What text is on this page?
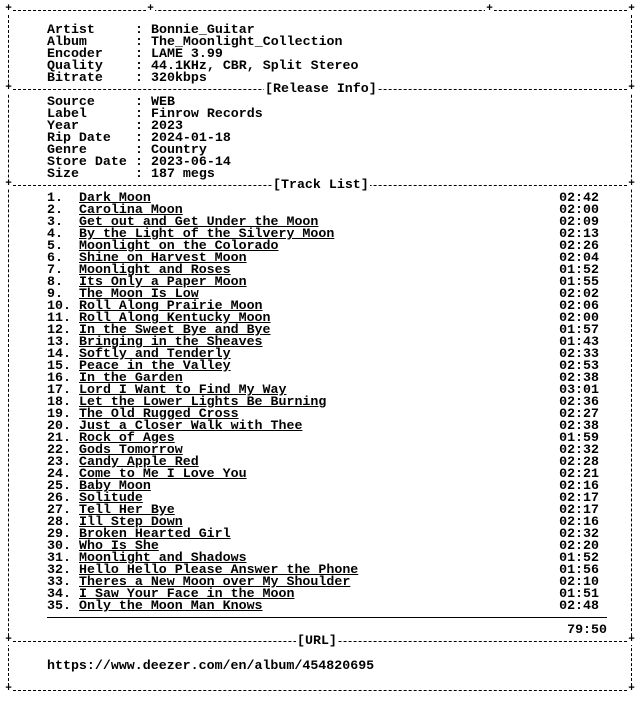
+	+	+	+
+	+
+	+
+	+
+	+
[Release Info]
[Track List]
[URL]
Artist	: Bonnie_Guitar
Album	: The_Moonlight_Collection
Encoder : LAME 3.99
Quality : 44.1KHz, CBR, Split Stereo
Bitrate : 320kbps
Source	: WEB
Label	: Finrow Records
Year	: 2023
Rip Date : 2024-01-18
Genre	: Country
Store Date : 2023-06-14
Size	: 187 megs
1. Dark_Moon	02:42
2. Carolina_Moon	02:00
3. Get_out_and_Get_Under_the_Moon	02:09
4. By_the_Light_of_the_Silvery_Moon	02:13
5. Moonlight_on_the_Colorado	02:26
6. Shine_on_Harvest_Moon	02:04
7. Moonlight_and_Roses	01:52
8. Its_Only_a_Paper_Moon	01:55
9. The_Moon_Is_Low	02:02
10. Roll_Along_Prairie_Moon	02:06
11. Roll_Along_Kentucky_Moon	02:00
12. In_the_Sweet_Bye_and_Bye	01:57
13. Bringing_in_the_Sheaves	01:43
14. Softly_and_Tenderly	02:33
15. Peace_in_the_Valley	02:53
16. In_the_Garden	02:38
17. Lord_I_Want_to_Find_My_Way	03:01
18. Let_the_Lower_Lights_Be_Burning	02:36
19. The_Old_Rugged_Cross	02:27
20. Just_a_Closer_Walk_with_Thee	02:38
21. Rock_of_Ages	01:59
22. Gods_Tomorrow	02:32
23. Candy_Apple_Red	02:28
24. Come_to_Me_I_Love_You	02:21
25. Baby_Moon	02:16
26. Solitude	02:17
27. Tell_Her_Bye	02:17
28. Ill_Step_Down	02:16
29. Broken_Hearted_Girl	02:32
30. Who_Is_She	02:20
31. Moonlight_and_Shadows	01:52
32. Hello_Hello_Please_Answer_the_Phone	01:56
33. Theres_a_New_Moon_over_My_Shoulder	02:10
34. I_Saw_Your_Face_in_the_Moon	01:51
35. Only_the_Moon_Man_Knows	02:48
79:50
https://www.deezer.com/en/album/454820695
